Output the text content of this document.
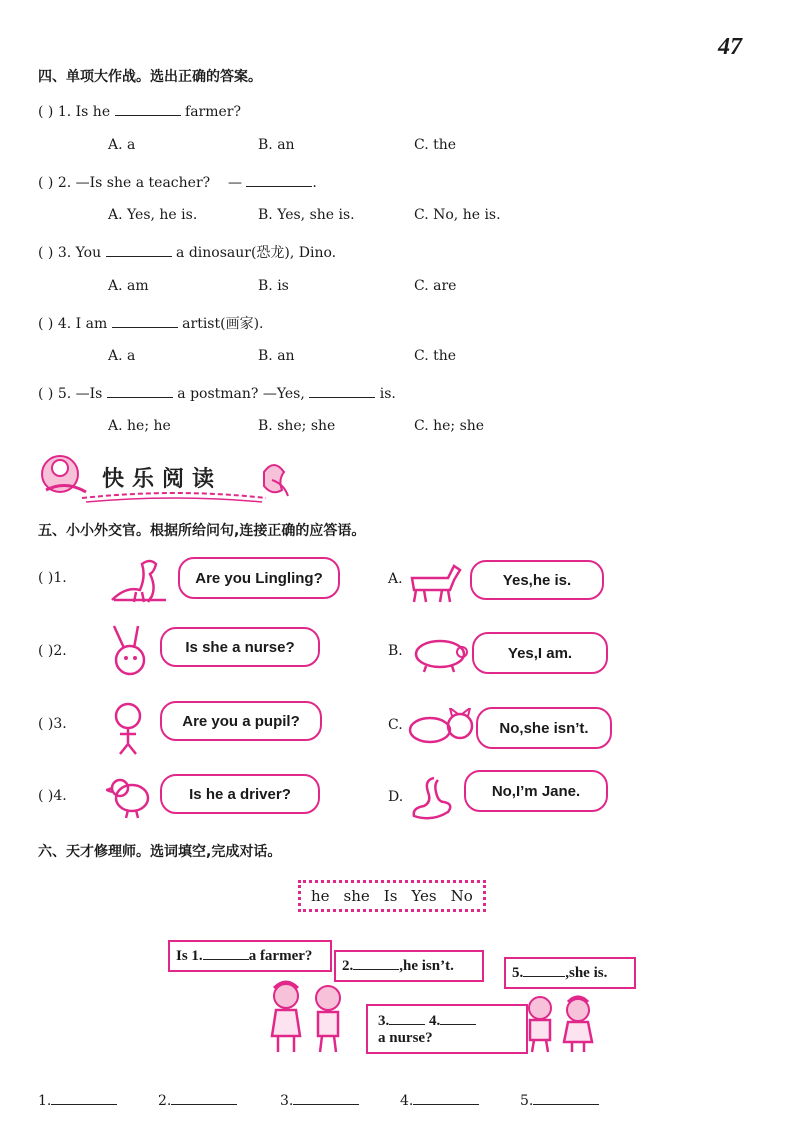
47
四、单项大作战。选出正确的答案。
( ) 1. Is he	farmer?
A. a	B. an	C. the
( ) 2. —Is she a teacher? —	.
A. Yes, he is.	B. Yes, she is.	C. No, he is.
( ) 3. You	a dinosaur(恐龙), Dino.
A. am	B. is	C. are
( ) 4. I am	artist(画家).
A. a	B. an	C. the
( ) 5. —Is	a postman? —Yes,	is.
A. he; he	B. she; she	C. he; she
快乐阅读
五、小小外交官。根据所给问句,连接正确的应答语。
( )1.	Are you Lingling?
( )2.	Is she a nurse?
( )3.	Are you a pupil?
( )4.	Is he a driver?
A.	Yes,he is.
B.	Yes,I am.
C.	No,she isn’t.
D.	No,I’m Jane.
六、天才修理师。选词填空,完成对话。
he she Is Yes No
Is 1.	a farmer?
2.	,he isn’t.	5.	,she is.
3.	4.
a nurse?
1.	2.	3.	4.	5.
